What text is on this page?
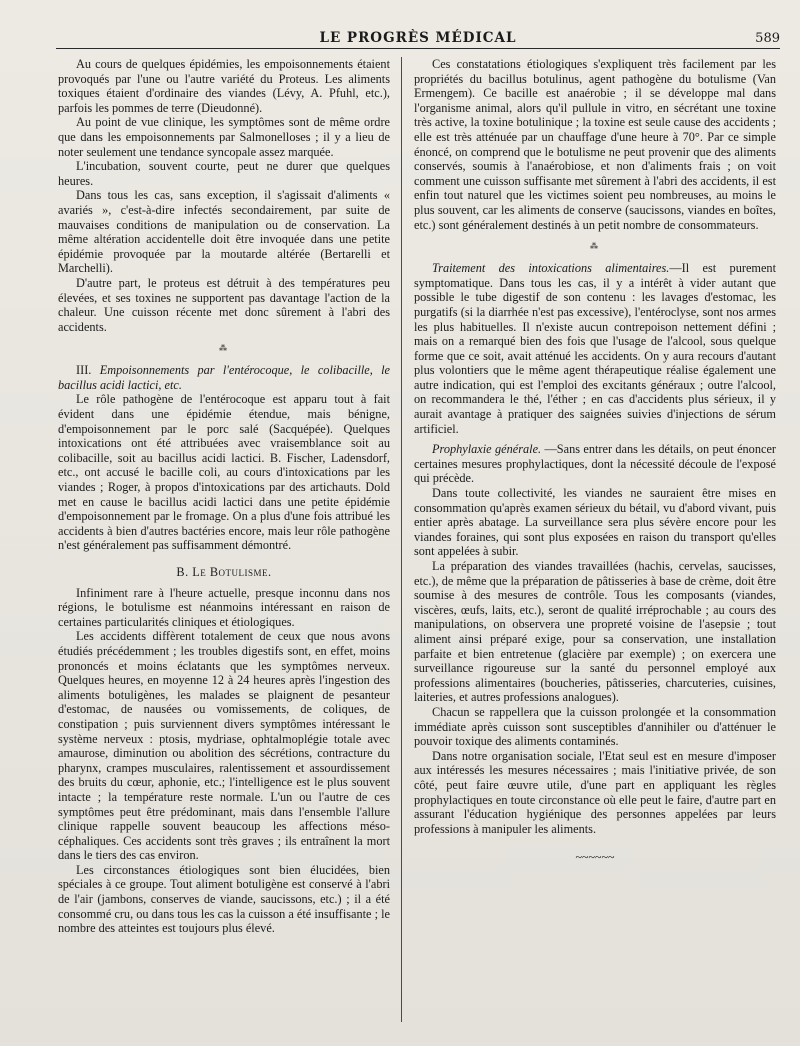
LE PROGRÈS MÉDICAL	589

Au cours de quelques épidémies, les empoisonnements étaient provoqués par l'une ou l'autre variété du Proteus. Les aliments toxiques étaient d'ordinaire des viandes (Lévy, A. Pfuhl, etc.), parfois les pommes de terre (Dieudonné).

Au point de vue clinique, les symptômes sont de même ordre que dans les empoisonnements par Salmonelloses ; il y a lieu de noter seulement une tendance syncopale assez marquée.

L'incubation, souvent courte, peut ne durer que quelques heures.

Dans tous les cas, sans exception, il s'agissait d'aliments « avariés », c'est-à-dire infectés secondairement, par suite de mauvaises conditions de manipulation ou de conservation. La même altération accidentelle doit être invoquée dans une petite épidémie provoquée par la moutarde altérée (Bertarelli et Marchelli).

D'autre part, le proteus est détruit à des températures peu élevées, et ses toxines ne supportent pas davantage l'action de la chaleur. Une cuisson récente met donc sûrement à l'abri des accidents.

⁂

III. Empoisonnements par l'entérocoque, le colibacille, le bacillus acidi lactici, etc.

Le rôle pathogène de l'entérocoque est apparu tout à fait évident dans une épidémie étendue, mais bénigne, d'empoisonnement par le porc salé (Sacquépée). Quelques intoxications ont été attribuées avec vraisemblance soit au colibacille, soit au bacillus acidi lactici. B. Fischer, Ladensdorf, etc., ont accusé le bacille coli, au cours d'intoxications par les viandes ; Roger, à propos d'intoxications par des artichauts. Dold met en cause le bacillus acidi lactici dans une petite épidémie d'empoisonnement par le fromage. On a plus d'une fois attribué les accidents à bien d'autres bactéries encore, mais leur rôle pathogène n'est généralement pas suffisamment démontré.

B. Le Botulisme.

Infiniment rare à l'heure actuelle, presque inconnu dans nos régions, le botulisme est néanmoins intéressant en raison de certaines particularités cliniques et étiologiques.

Les accidents diffèrent totalement de ceux que nous avons étudiés précédemment ; les troubles digestifs sont, en effet, moins prononcés et moins éclatants que les symptômes nerveux. Quelques heures, en moyenne 12 à 24 heures après l'ingestion des aliments botuligènes, les malades se plaignent de pesanteur d'estomac, de nausées ou vomissements, de coliques, de constipation ; puis surviennent divers symptômes intéressant le système nerveux : ptosis, mydriase, ophtalmoplégie totale avec amaurose, diminution ou abolition des sécrétions, contracture du pharynx, crampes musculaires, ralentissement et assourdissement des bruits du cœur, aphonie, etc.; l'intelligence est le plus souvent intacte ; la température reste normale. L'un ou l'autre de ces symptômes peut être prédominant, mais dans l'ensemble l'allure clinique rappelle souvent beaucoup les affections méso-céphaliques. Ces accidents sont très graves ; ils entraînent la mort dans le tiers des cas environ.

Les circonstances étiologiques sont bien élucidées, bien spéciales à ce groupe. Tout aliment botuligène est conservé à l'abri de l'air (jambons, conserves de viande, saucissons, etc.) ; il a été consommé cru, ou dans tous les cas la cuisson a été insuffisante ; le nombre des atteintes est toujours plus élevé.

Ces constatations étiologiques s'expliquent très facilement par les propriétés du bacillus botulinus, agent pathogène du botulisme (Van Ermengem). Ce bacille est anaérobie ; il se développe mal dans l'organisme animal, alors qu'il pullule in vitro, en sécrétant une toxine très active, la toxine botulinique ; la toxine est seule cause des accidents ; elle est très atténuée par un chauffage d'une heure à 70°. Par ce simple énoncé, on comprend que le botulisme ne peut provenir que des aliments conservés, soumis à l'anaérobiose, et non d'aliments frais ; on voit comment une cuisson suffisante met sûrement à l'abri des accidents, il est enfin tout naturel que les victimes soient peu nombreuses, au moins le plus souvent, car les aliments de conserve (saucissons, viandes en boîtes, etc.) sont généralement destinés à un petit nombre de consommateurs.

⁂

Traitement des intoxications alimentaires.—Il est purement symptomatique. Dans tous les cas, il y a intérêt à vider autant que possible le tube digestif de son contenu : les lavages d'estomac, les purgatifs (si la diarrhée n'est pas excessive), l'entéroclyse, sont nos armes les plus habituelles. Il n'existe aucun contrepoison nettement défini ; mais on a remarqué bien des fois que l'usage de l'alcool, sous quelque forme que ce soit, avait atténué les accidents. On y aura recours d'autant plus volontiers que le même agent thérapeutique réalise également une autre indication, qui est l'emploi des excitants généraux ; outre l'alcool, on recommandera le thé, l'éther ; en cas d'accidents plus sérieux, il y aurait avantage à pratiquer des saignées suivies d'injections de sérum artificiel.

Prophylaxie générale. —Sans entrer dans les détails, on peut énoncer certaines mesures prophylactiques, dont la nécessité découle de l'exposé qui précède.

Dans toute collectivité, les viandes ne sauraient être mises en consommation qu'après examen sérieux du bétail, vu d'abord vivant, puis entier après abatage. La surveillance sera plus sévère encore pour les viandes foraines, qui sont plus exposées en raison du transport qu'elles sont appelées à subir.

La préparation des viandes travaillées (hachis, cervelas, saucisses, etc.), de même que la préparation de pâtisseries à base de crème, doit être soumise à des mesures de contrôle. Tous les composants (viandes, viscères, œufs, laits, etc.), seront de qualité irréprochable ; au cours des manipulations, on observera une propreté voisine de l'asepsie ; tout aliment ainsi préparé exige, pour sa conservation, une installation parfaite et bien entretenue (glacière par exemple) ; on exercera une surveillance rigoureuse sur la santé du personnel employé aux professions alimentaires (boucheries, pâtisseries, charcuteries, cuisines, laiteries, et autres professions analogues).

Chacun se rappellera que la cuisson prolongée et la consommation immédiate après cuisson sont susceptibles d'annihiler ou d'atténuer le pouvoir toxique des aliments contaminés.

Dans notre organisation sociale, l'Etat seul est en mesure d'imposer aux intéressés les mesures nécessaires ; mais l'initiative privée, de son côté, peut faire œuvre utile, d'une part en appliquant les règles prophylactiques en toute circonstance où elle peut le faire, d'autre part en assurant l'éducation hygiénique des personnes appelées par leurs professions à manipuler les aliments.

~~~~~~
